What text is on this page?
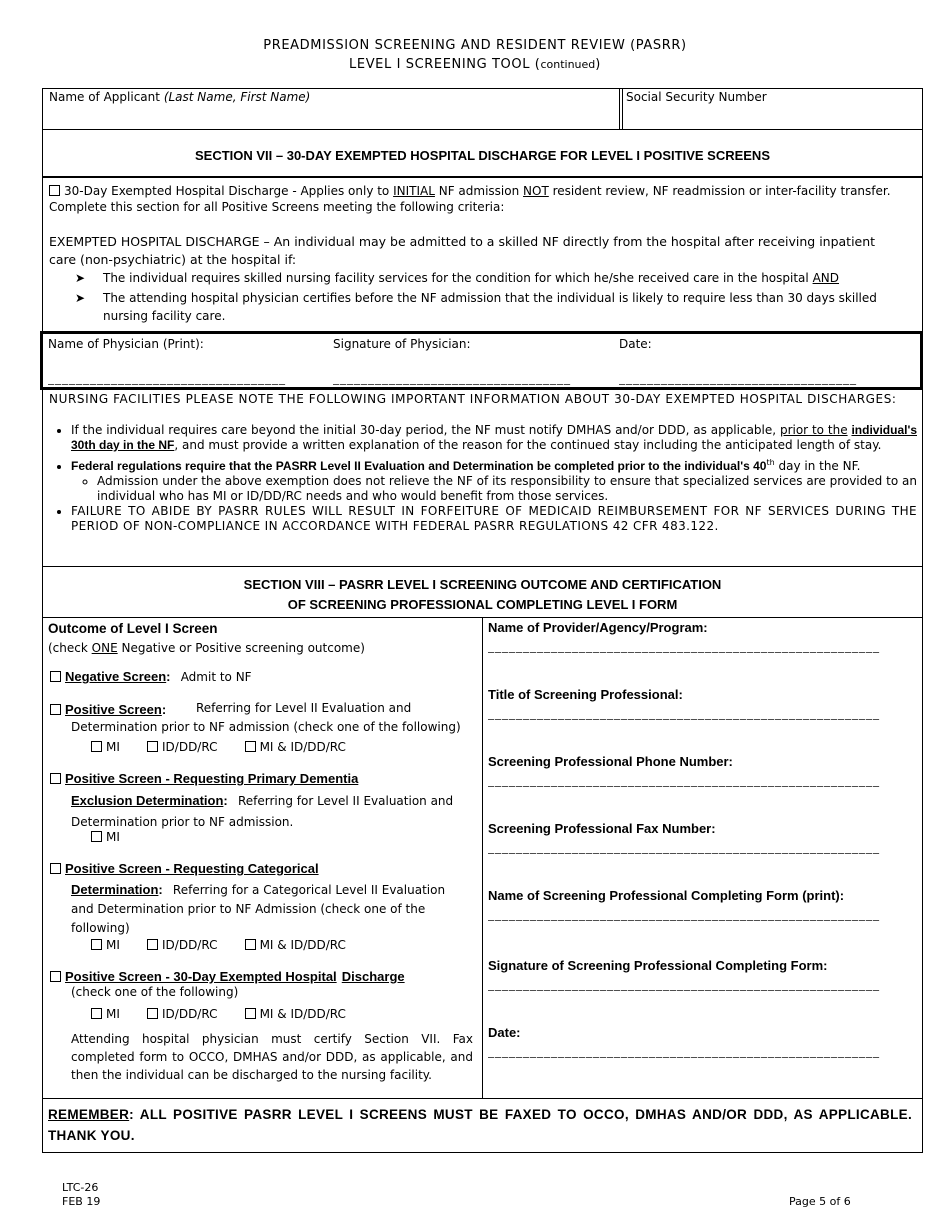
PREADMISSION SCREENING AND RESIDENT REVIEW (PASRR)
LEVEL I SCREENING TOOL (continued)
Name of Applicant (Last Name, First Name)	Social Security Number
SECTION VII – 30-DAY EXEMPTED HOSPITAL DISCHARGE FOR LEVEL I POSITIVE SCREENS
30-Day Exempted Hospital Discharge - Applies only to INITIAL NF admission NOT resident review, NF readmission or inter-facility transfer. Complete this section for all Positive Screens meeting the following criteria:
EXEMPTED HOSPITAL DISCHARGE – An individual may be admitted to a skilled NF directly from the hospital after receiving inpatient care (non-psychiatric) at the hospital if:
➤ The individual requires skilled nursing facility services for the condition for which he/she received care in the hospital AND
➤ The attending hospital physician certifies before the NF admission that the individual is likely to require less than 30 days skilled nursing facility care.
Name of Physician (Print):	Signature of Physician:	Date:
__________________________________	__________________________________	__________________________________
NURSING FACILITIES PLEASE NOTE THE FOLLOWING IMPORTANT INFORMATION ABOUT 30-DAY EXEMPTED HOSPITAL DISCHARGES:
• If the individual requires care beyond the initial 30-day period, the NF must notify DMHAS and/or DDD, as applicable, prior to the individual's 30th day in the NF, and must provide a written explanation of the reason for the continued stay including the anticipated length of stay.
• Federal regulations require that the PASRR Level II Evaluation and Determination be completed prior to the individual's 40th day in the NF.
◦ Admission under the above exemption does not relieve the NF of its responsibility to ensure that specialized services are provided to an individual who has MI or ID/DD/RC needs and who would benefit from those services.
• FAILURE TO ABIDE BY PASRR RULES WILL RESULT IN FORFEITURE OF MEDICAID REIMBURSEMENT FOR NF SERVICES DURING THE PERIOD OF NON-COMPLIANCE IN ACCORDANCE WITH FEDERAL PASRR REGULATIONS 42 CFR 483.122.
SECTION VIII – PASRR LEVEL I SCREENING OUTCOME AND CERTIFICATION
OF SCREENING PROFESSIONAL COMPLETING LEVEL I FORM
Outcome of Level I Screen
(check ONE Negative or Positive screening outcome)
Negative Screen: Admit to NF
Positive Screen:	Referring for Level II Evaluation and Determination prior to NF admission (check one of the following)
MI
	ID/DD/RC
	MI & ID/DD/RC
Positive Screen - Requesting Primary Dementia
Exclusion Determination: Referring for Level II Evaluation and Determination prior to NF admission.
MI
Positive Screen - Requesting Categorical
Determination: Referring for a Categorical Level II Evaluation and Determination prior to NF Admission (check one of the following)
MI
	ID/DD/RC
	MI & ID/DD/RC
Positive Screen - 30-Day Exempted Hospital Discharge
(check one of the following)
MI
	ID/DD/RC
	MI & ID/DD/RC
Attending hospital physician must certify Section VII. Fax completed form to OCCO, DMHAS and/or DDD, as applicable, and then the individual can be discharged to the nursing facility.
Name of Provider/Agency/Program:
________________________________________________________
Title of Screening Professional:
________________________________________________________
Screening Professional Phone Number:
________________________________________________________
Screening Professional Fax Number:
________________________________________________________
Name of Screening Professional Completing Form (print):
________________________________________________________
Signature of Screening Professional Completing Form:
________________________________________________________
Date:
________________________________________________________
REMEMBER: ALL POSITIVE PASRR LEVEL I SCREENS MUST BE FAXED TO OCCO, DMHAS AND/OR DDD, AS APPLICABLE. THANK YOU.
LTC-26
FEB 19	Page 5 of 6
